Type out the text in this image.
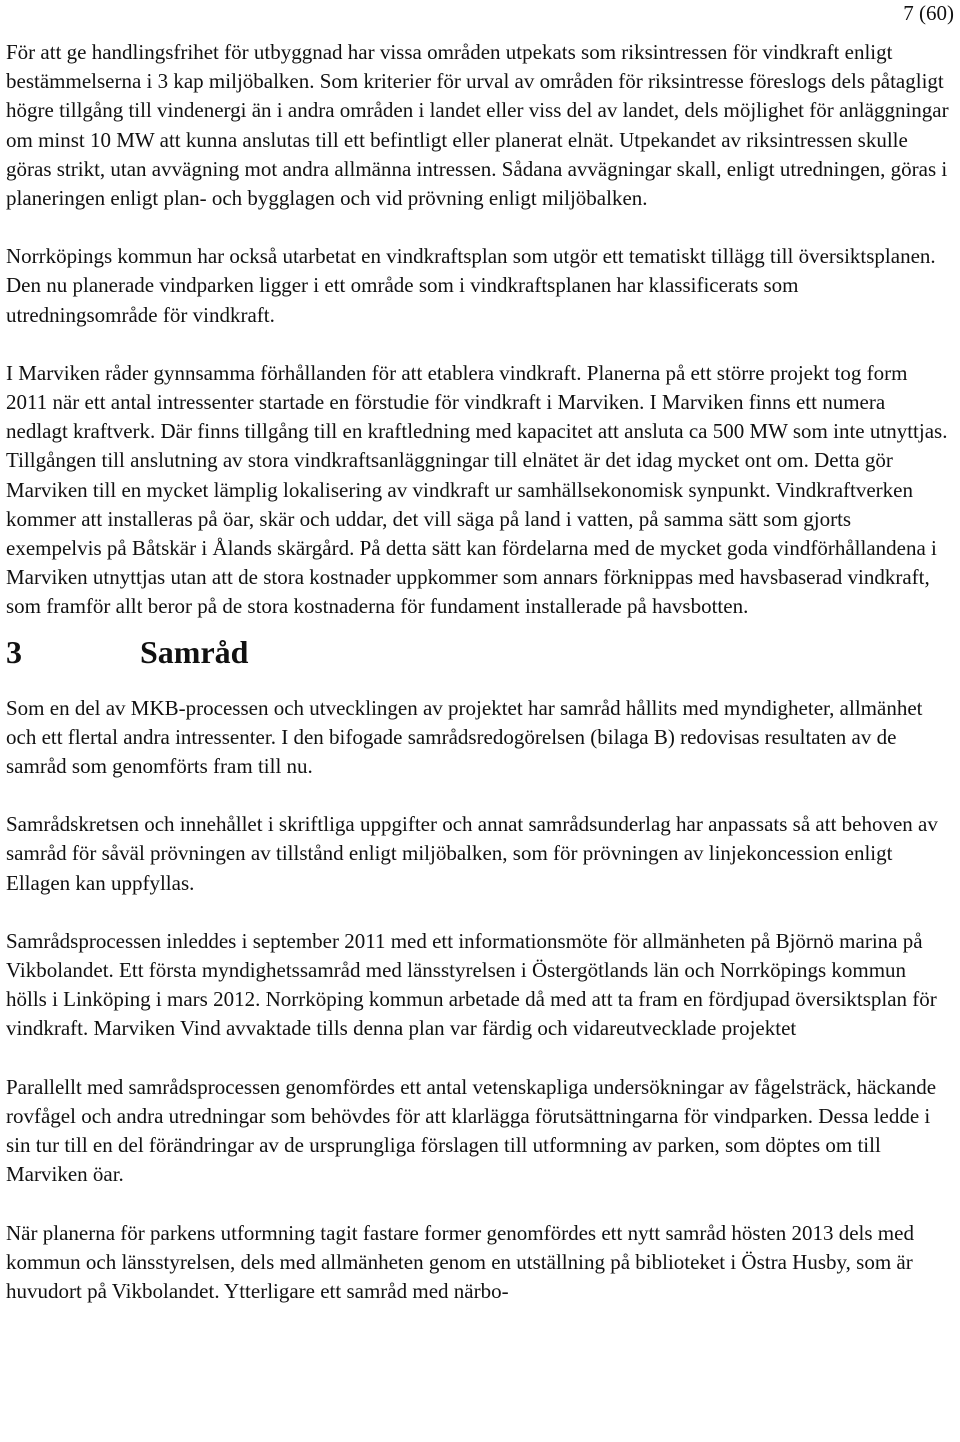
7 (60)

För att ge handlingsfrihet för utbyggnad har vissa områden utpekats som riksintressen för vindkraft enligt bestämmelserna i 3 kap miljöbalken. Som kriterier för urval av områden för riksintresse föreslogs dels påtagligt högre tillgång till vindenergi än i andra områden i landet eller viss del av landet, dels möjlighet för anläggningar om minst 10 MW att kunna anslutas till ett befintligt eller planerat elnät. Utpekandet av riksintressen skulle göras strikt, utan avvägning mot andra allmänna intressen. Sådana avvägningar skall, enligt utredningen, göras i planeringen enligt plan- och bygglagen och vid prövning enligt miljöbalken.

Norrköpings kommun har också utarbetat en vindkraftsplan som utgör ett tematiskt tillägg till översiktsplanen. Den nu planerade vindparken ligger i ett område som i vindkraftsplanen har klassificerats som utredningsområde för vindkraft.

I Marviken råder gynnsamma förhållanden för att etablera vindkraft. Planerna på ett större projekt tog form 2011 när ett antal intressenter startade en förstudie för vindkraft i Marviken. I Marviken finns ett numera nedlagt kraftverk. Där finns tillgång till en kraftledning med kapacitet att ansluta ca 500 MW som inte utnyttjas. Tillgången till anslutning av stora vindkraftsanläggningar till elnätet är det idag mycket ont om. Detta gör Marviken till en mycket lämplig lokalisering av vindkraft ur samhällsekonomisk synpunkt. Vindkraftverken kommer att installeras på öar, skär och uddar, det vill säga på land i vatten, på samma sätt som gjorts exempelvis på Båtskär i Ålands skärgård. På detta sätt kan fördelarna med de mycket goda vindförhållandena i Marviken utnyttjas utan att de stora kostnader uppkommer som annars förknippas med havsbaserad vindkraft, som framför allt beror på de stora kostnaderna för fundament installerade på havsbotten.

3	Samråd

Som en del av MKB-processen och utvecklingen av projektet har samråd hållits med myndigheter, allmänhet och ett flertal andra intressenter. I den bifogade samrådsredogörelsen (bilaga B) redovisas resultaten av de samråd som genomförts fram till nu.

Samrådskretsen och innehållet i skriftliga uppgifter och annat samrådsunderlag har anpassats så att behoven av samråd för såväl prövningen av tillstånd enligt miljöbalken, som för prövningen av linjekoncession enligt Ellagen kan uppfyllas.

Samrådsprocessen inleddes i september 2011 med ett informationsmöte för allmänheten på Björnö marina på Vikbolandet. Ett första myndighetssamråd med länsstyrelsen i Östergötlands län och Norrköpings kommun hölls i Linköping i mars 2012. Norrköping kommun arbetade då med att ta fram en fördjupad översiktsplan för vindkraft. Marviken Vind avvaktade tills denna plan var färdig och vidareutvecklade projektet

Parallellt med samrådsprocessen genomfördes ett antal vetenskapliga undersökningar av fågelsträck, häckande rovfågel och andra utredningar som behövdes för att klarlägga förutsättningarna för vindparken. Dessa ledde i sin tur till en del förändringar av de ursprungliga förslagen till utformning av parken, som döptes om till Marviken öar.

När planerna för parkens utformning tagit fastare former genomfördes ett nytt samråd hösten 2013 dels med kommun och länsstyrelsen, dels med allmänheten genom en utställning på biblioteket i Östra Husby, som är huvudort på Vikbolandet. Ytterligare ett samråd med närbo-
